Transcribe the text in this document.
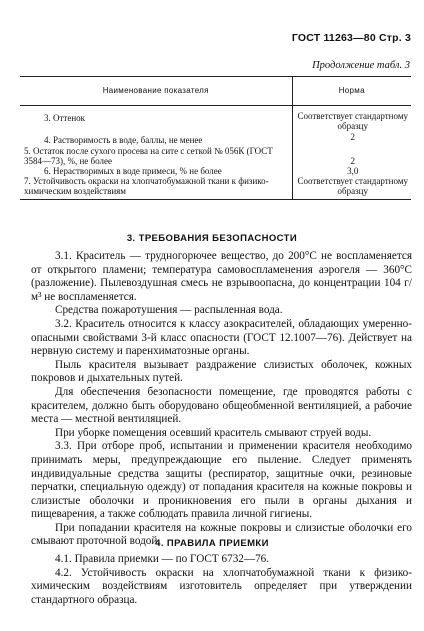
ГОСТ 11263—80 Стр. 3
Продолжение табл. 3
Наименование показателя	Норма
3. Оттенок	Соответствует стандартному образцу
4. Растворимость в воде, баллы, не менее	2
5. Остаток после сухого просева на сите с сеткой № 056К (ГОСТ 3584—73), %, не более	2
6. Нерастворимых в воде примеси, % не более	3,0
7. Устойчивость окраски на хлопчатобумажной ткани к физико-химическим воздействиям	Соответствует стандартному образцу
3. ТРЕБОВАНИЯ БЕЗОПАСНОСТИ

3.1. Краситель — трудногорючее вещество, до 200°С не воспламеняется от открытого пламени; температура самовоспламенения аэрогеля — 360°С (разложение). Пылевоздушная смесь не взрывоопасна, до концентрации 104 г/м³ не воспламеняется.

Средства пожаротушения — распыленная вода.

3.2. Краситель относится к классу азокрасителей, обладающих умеренно-опасными свойствами 3-й класс опасности (ГОСТ 12.1007—76). Действует на нервную систему и паренхиматозные органы.

Пыль красителя вызывает раздражение слизистых оболочек, кожных покровов и дыхательных путей.

Для обеспечения безопасности помещение, где проводятся работы с красителем, должно быть оборудовано общеобменной вентиляцией, а рабочие места — местной вентиляцией.

При уборке помещения осевший краситель смывают струей воды.

3.3. При отборе проб, испытании и применении красителя необходимо принимать меры, предупреждающие его пыление. Следует применять индивидуальные средства защиты (респиратор, защитные очки, резиновые перчатки, специальную одежду) от попадания красителя на кожные покровы и слизистые оболочки и проникновения его пыли в органы дыхания и пищеварения, а также соблюдать правила личной гигиены.

При попадании красителя на кожные покровы и слизистые оболочки его смывают проточной водой.

4. ПРАВИЛА ПРИЕМКИ

4.1. Правила приемки — по ГОСТ 6732—76.

4.2. Устойчивость окраски на хлопчатобумажной ткани к физико-химическим воздействиям изготовитель определяет при утверждении стандартного образца.
